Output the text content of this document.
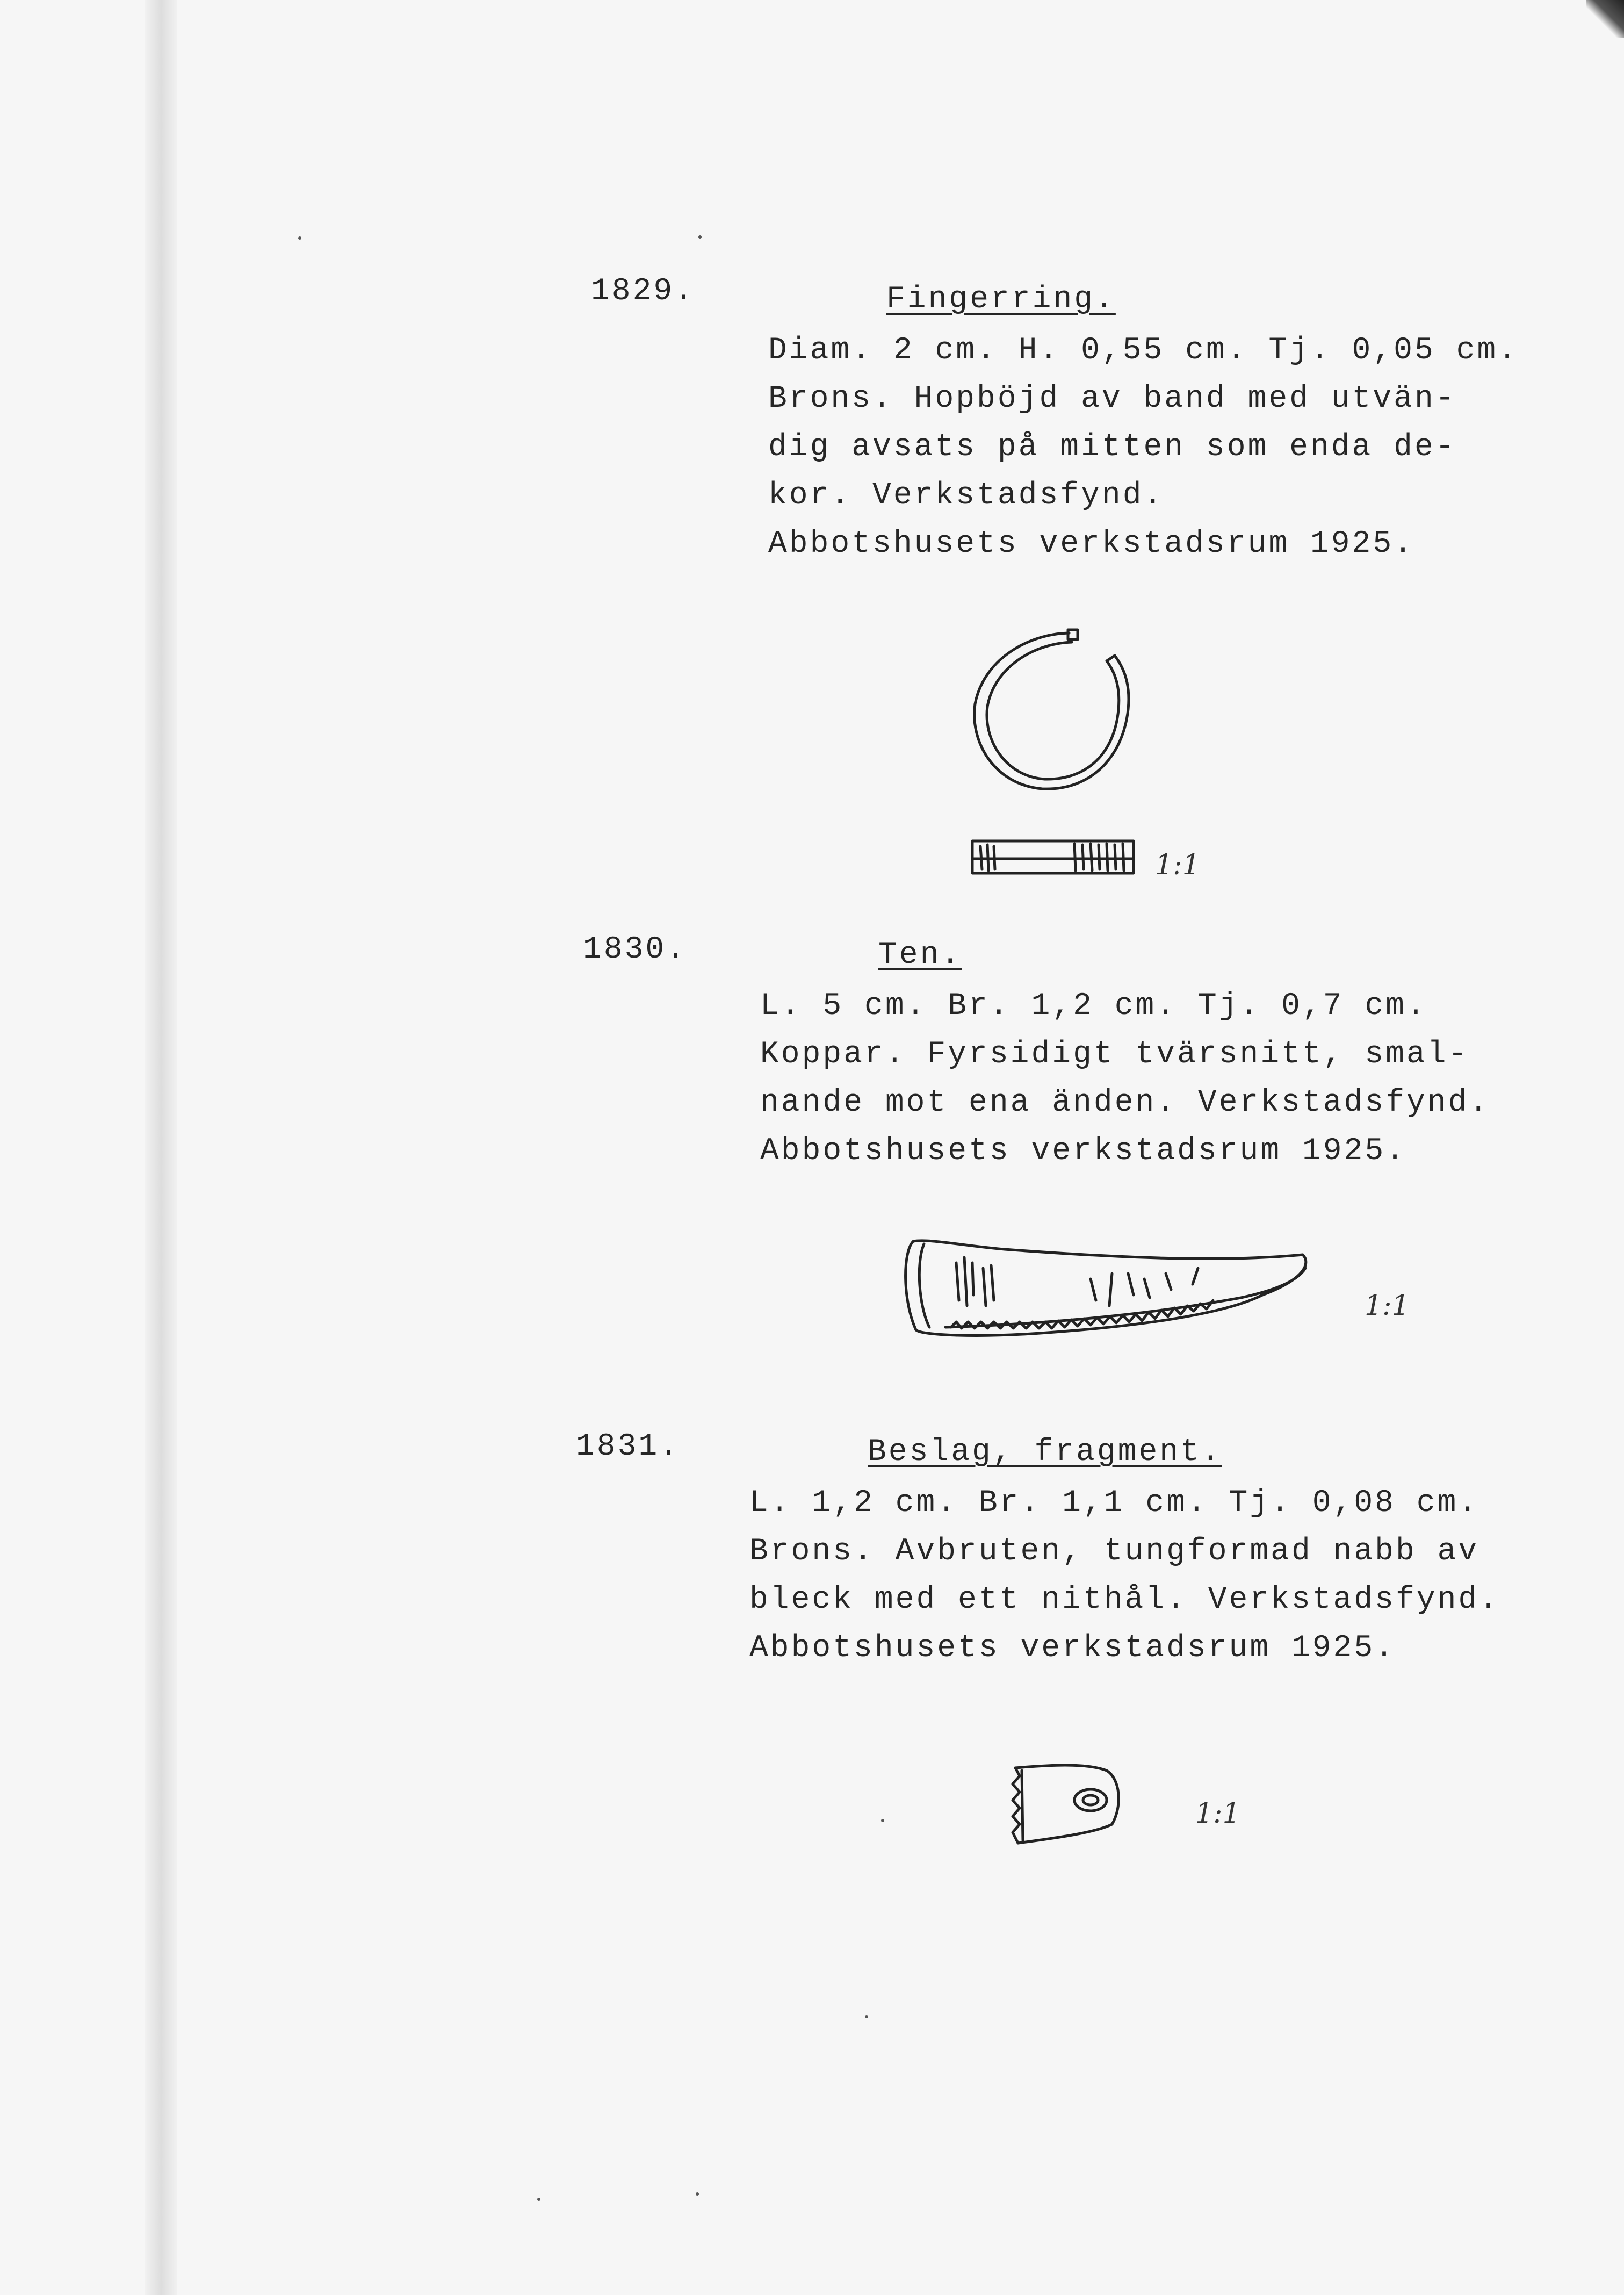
1829.	Fingerring.
Diam. 2 cm. H. 0,55 cm. Tj. 0,05 cm.
Brons. Hopböjd av band med utvän-
dig avsats på mitten som enda de-
kor. Verkstadsfynd.
Abbotshusets verkstadsrum 1925.
1:1
1830.	Ten.
L. 5 cm. Br. 1,2 cm. Tj. 0,7 cm.
Koppar. Fyrsidigt tvärsnitt, smal-
nande mot ena änden. Verkstadsfynd.
Abbotshusets verkstadsrum 1925.
1:1
1831.	Beslag, fragment.
L. 1,2 cm. Br. 1,1 cm. Tj. 0,08 cm.
Brons. Avbruten, tungformad nabb av
bleck med ett nithål. Verkstadsfynd.
Abbotshusets verkstadsrum 1925.
1:1
